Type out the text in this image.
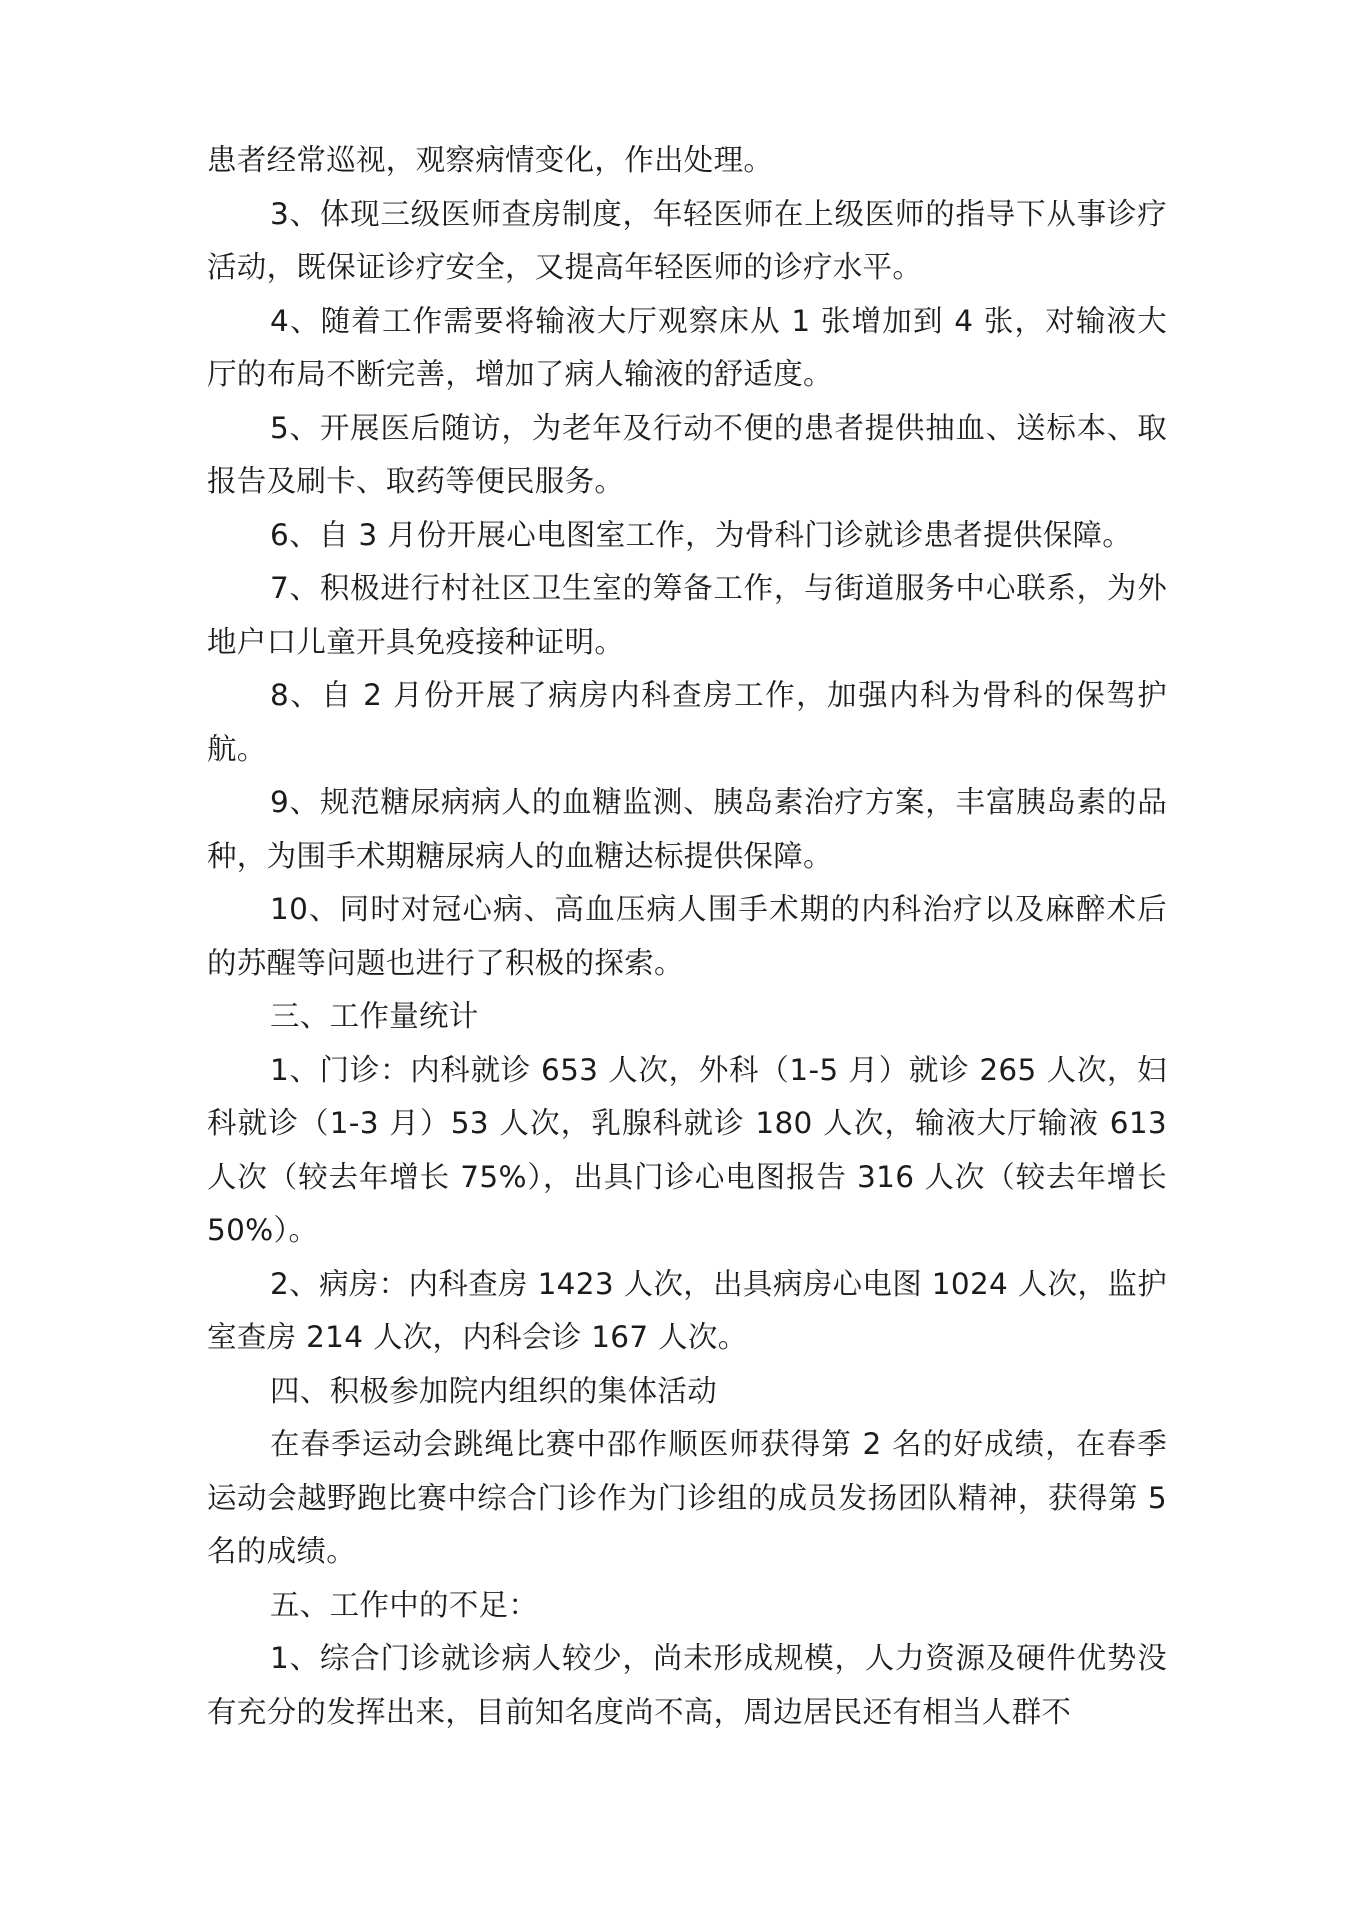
患者经常巡视，观察病情变化，作出处理。

3、体现三级医师查房制度，年轻医师在上级医师的指导下从事诊疗活动，既保证诊疗安全，又提高年轻医师的诊疗水平。

4、随着工作需要将输液大厅观察床从 1 张增加到 4 张，对输液大厅的布局不断完善，增加了病人输液的舒适度。

5、开展医后随访，为老年及行动不便的患者提供抽血、送标本、取报告及刷卡、取药等便民服务。

6、自 3 月份开展心电图室工作，为骨科门诊就诊患者提供保障。

7、积极进行村社区卫生室的筹备工作，与街道服务中心联系，为外地户口儿童开具免疫接种证明。

8、自 2 月份开展了病房内科查房工作，加强内科为骨科的保驾护航。

9、规范糖尿病病人的血糖监测、胰岛素治疗方案，丰富胰岛素的品种，为围手术期糖尿病人的血糖达标提供保障。

10、同时对冠心病、高血压病人围手术期的内科治疗以及麻醉术后的苏醒等问题也进行了积极的探索。

三、工作量统计

1、门诊：内科就诊 653 人次，外科（1-5 月）就诊 265 人次，妇科就诊（1-3 月）53 人次，乳腺科就诊 180 人次，输液大厅输液 613 人次（较去年增长 75%），出具门诊心电图报告 316 人次（较去年增长 50%）。

2、病房：内科查房 1423 人次，出具病房心电图 1024 人次，监护室查房 214 人次，内科会诊 167 人次。

四、积极参加院内组织的集体活动

在春季运动会跳绳比赛中邵作顺医师获得第 2 名的好成绩，在春季运动会越野跑比赛中综合门诊作为门诊组的成员发扬团队精神，获得第 5 名的成绩。

五、工作中的不足：

1、综合门诊就诊病人较少，尚未形成规模，人力资源及硬件优势没有充分的发挥出来，目前知名度尚不高，周边居民还有相当人群不
